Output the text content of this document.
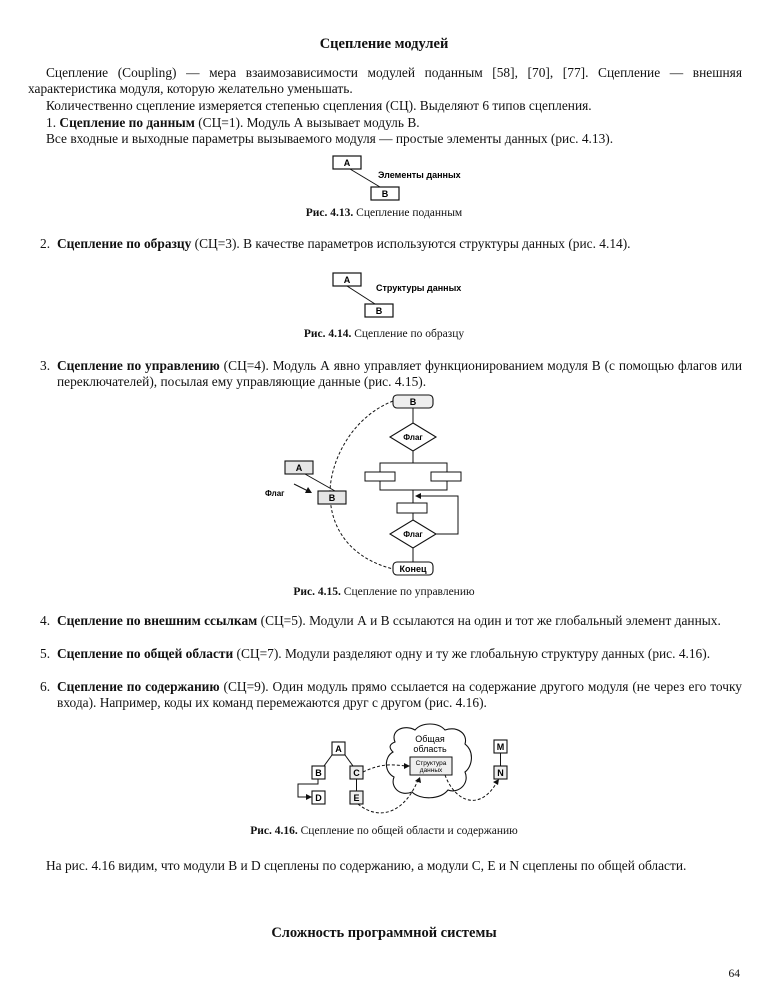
Сцепление модулей
Сцепление (Coupling) — мера взаимозависимости модулей поданным [58], [70], [77]. Сцепление — внешняя характеристика модуля, которую желательно уменьшать.
Количественно сцепление измеряется степенью сцепления (СЦ). Выделяют 6 типов сцепления.
1. Сцепление по данным (СЦ=1). Модуль А вызывает модуль В.
Все входные и выходные параметры вызываемого модуля — простые элементы данных (рис. 4.13).
A
B
Элементы данных
Рис. 4.13. Сцепление поданным
2. Сцепление по образцу (СЦ=3). В качестве параметров используются структуры данных (рис. 4.14).
A
B
Структуры данных
Рис. 4.14. Сцепление по образцу
3. Сцепление по управлению (СЦ=4). Модуль А явно управляет функционированием модуля В (с помощью флагов или переключателей), посылая ему управляющие данные (рис. 4.15).
B
Флаг
Флаг
Конец
A
B
Флаг
Рис. 4.15. Сцепление по управлению
4. Сцепление по внешним ссылкам (СЦ=5). Модули А и В ссылаются на один и тот же глобальный элемент данных.
5. Сцепление по общей области (СЦ=7). Модули разделяют одну и ту же глобальную структуру данных (рис. 4.16).
6. Сцепление по содержанию (СЦ=9). Один модуль прямо ссылается на содержание другого модуля (не через его точку входа). Например, коды их команд перемежаются друг с другом (рис. 4.16).
A
B	C
D	E
Общая
область
Структура
данных
M
N
Рис. 4.16. Сцепление по общей области и содержанию
На рис. 4.16 видим, что модули B и D сцеплены по содержанию, а модули C, E и N сцеплены по общей области.
Сложность программной системы
64
